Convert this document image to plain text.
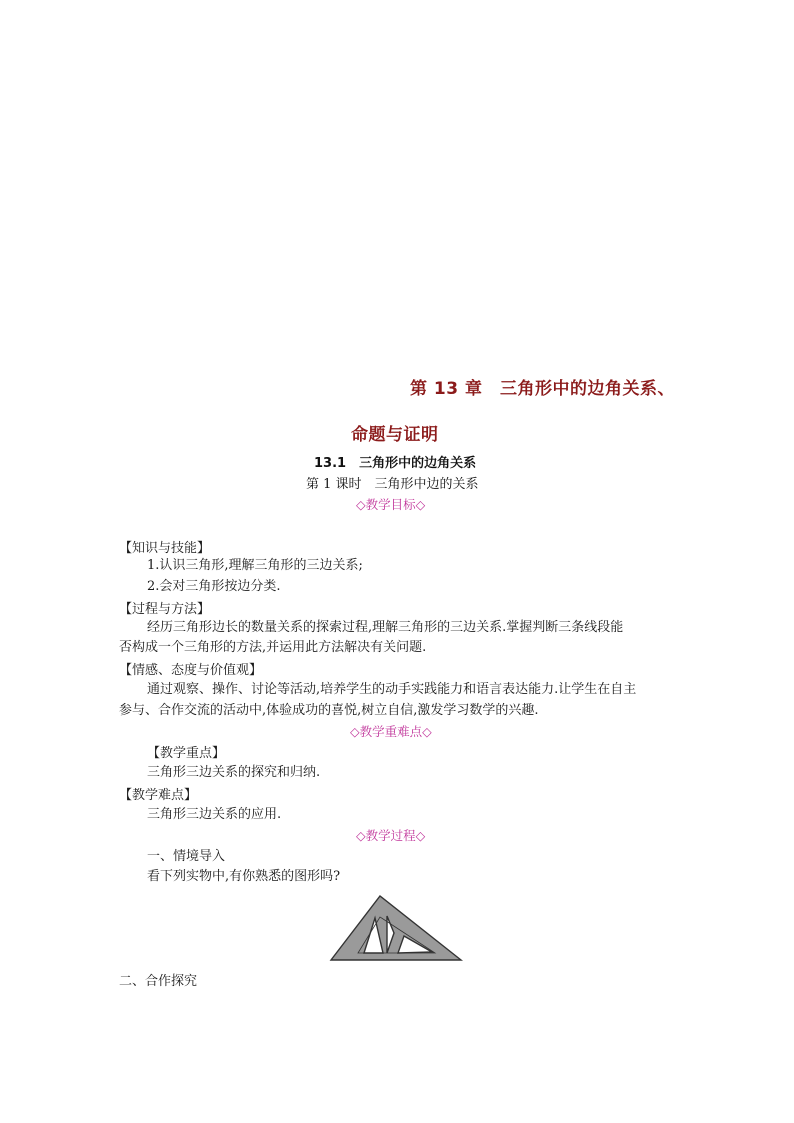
第 13 章　三角形中的边角关系、
命题与证明
13.1　三角形中的边角关系
第 1 课时　三角形中边的关系
◇教学目标◇
【知识与技能】
1.认识三角形,理解三角形的三边关系;
2.会对三角形按边分类.
【过程与方法】
经历三角形边长的数量关系的探索过程,理解三角形的三边关系.掌握判断三条线段能
否构成一个三角形的方法,并运用此方法解决有关问题.
【情感、态度与价值观】
通过观察、操作、讨论等活动,培养学生的动手实践能力和语言表达能力.让学生在自主
参与、合作交流的活动中,体验成功的喜悦,树立自信,激发学习数学的兴趣.
◇教学重难点◇
【教学重点】
三角形三边关系的探究和归纳.
【教学难点】
三角形三边关系的应用.
◇教学过程◇
一、情境导入
看下列实物中,有你熟悉的图形吗?
二、合作探究
